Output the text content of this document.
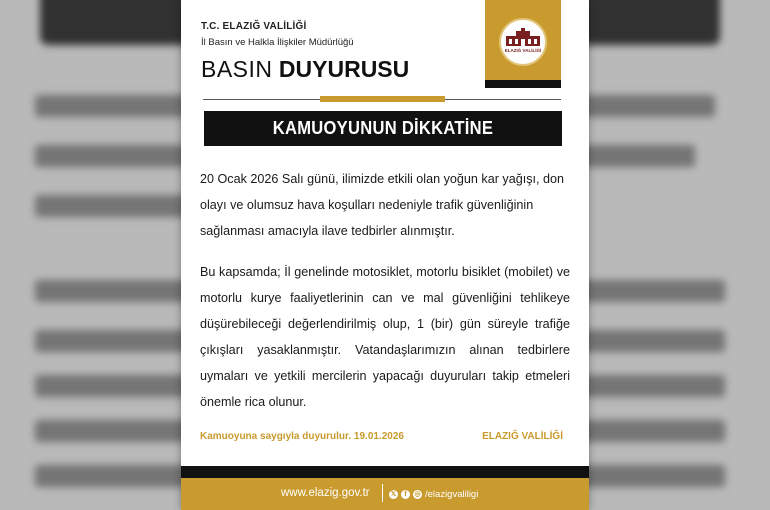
T.C. ELAZIĞ VALİLİĞİ
İl Basın ve Halkla İlişkiler Müdürlüğü
BASIN DUYURUSU
ELAZIĞ VALİLİĞİ
KAMUOYUNUN DİKKATİNE
20 Ocak 2026 Salı günü, ilimizde etkili olan yoğun kar yağışı, don olayı ve olumsuz hava koşulları nedeniyle trafik güvenliğinin sağlanması amacıyla ilave tedbirler alınmıştır.
Bu kapsamda; İl genelinde motosiklet, motorlu bisiklet (mobilet) ve motorlu kurye faaliyetlerinin can ve mal güvenliğini tehlikeye düşürebileceği değerlendirilmiş olup, 1 (bir) gün süreyle trafiğe çıkışları yasaklanmıştır. Vatandaşlarımızın alınan tedbirlere uymaları ve yetkili mercilerin yapacağı duyuruları takip etmeleri önemle rica olunur.
Kamuoyuna saygıyla duyurulur. 19.01.2026	ELAZIĞ VALİLİĞİ
www.elazig.gov.tr	𝕏	f	◎ /elazigvaliligi
